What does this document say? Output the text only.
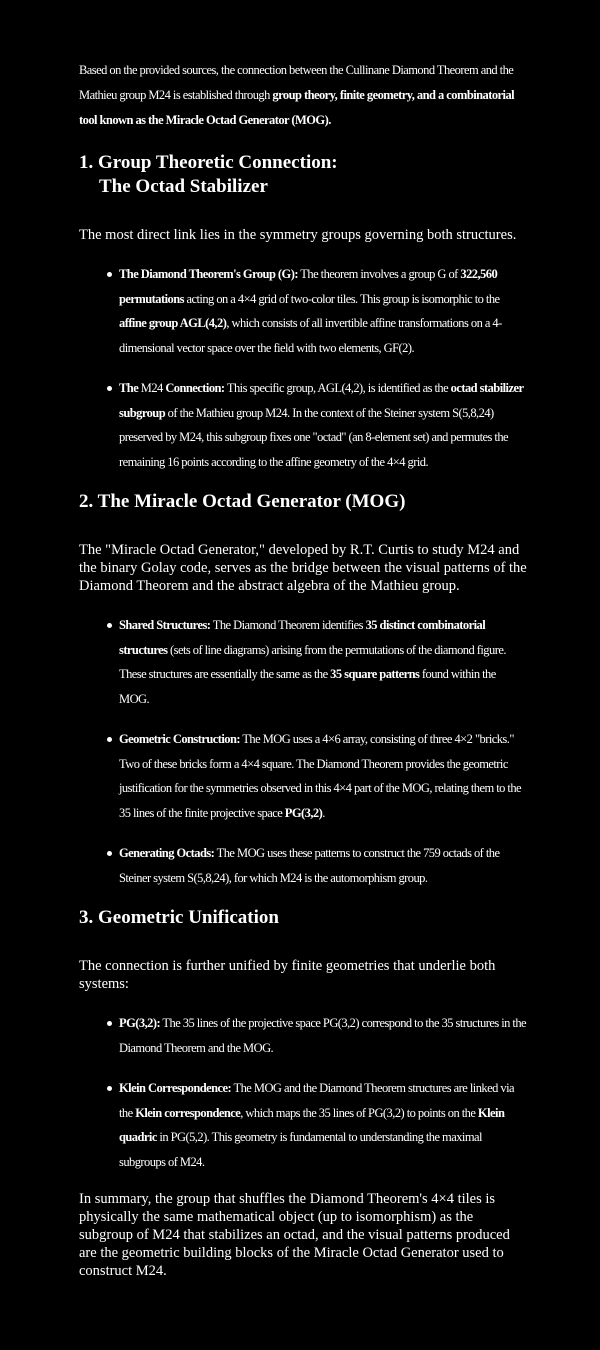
Based on the provided sources, the connection between the Cullinane Diamond Theorem and the Mathieu group M24 is established through group theory, finite geometry, and a combinatorial tool known as the Miracle Octad Generator (MOG).

1. Group Theoretic Connection:
The Octad Stabilizer

The most direct link lies in the symmetry groups governing both structures.

The Diamond Theorem's Group (G): The theorem involves a group G of 322,560 permutations acting on a 4×4 grid of two-color tiles. This group is isomorphic to the affine group AGL(4,2), which consists of all invertible affine transformations on a 4-dimensional vector space over the field with two elements, GF(2).
The M24 Connection: This specific group, AGL(4,2), is identified as the octad stabilizer subgroup of the Mathieu group M24. In the context of the Steiner system S(5,8,24) preserved by M24, this subgroup fixes one "octad" (an 8-element set) and permutes the remaining 16 points according to the affine geometry of the 4×4 grid.
2. The Miracle Octad Generator (MOG)

The "Miracle Octad Generator," developed by R.T. Curtis to study M24 and the binary Golay code, serves as the bridge between the visual patterns of the Diamond Theorem and the abstract algebra of the Mathieu group.

Shared Structures: The Diamond Theorem identifies 35 distinct combinatorial structures (sets of line diagrams) arising from the permutations of the diamond figure. These structures are essentially the same as the 35 square patterns found within the MOG.
Geometric Construction: The MOG uses a 4×6 array, consisting of three 4×2 "bricks." Two of these bricks form a 4×4 square. The Diamond Theorem provides the geometric justification for the symmetries observed in this 4×4 part of the MOG, relating them to the 35 lines of the finite projective space PG(3,2).
Generating Octads: The MOG uses these patterns to construct the 759 octads of the Steiner system S(5,8,24), for which M24 is the automorphism group.
3. Geometric Unification

The connection is further unified by finite geometries that underlie both systems:

PG(3,2): The 35 lines of the projective space PG(3,2) correspond to the 35 structures in the Diamond Theorem and the MOG.
Klein Correspondence: The MOG and the Diamond Theorem structures are linked via the Klein correspondence, which maps the 35 lines of PG(3,2) to points on the Klein quadric in PG(5,2). This geometry is fundamental to understanding the maximal subgroups of M24.

In summary, the group that shuffles the Diamond Theorem's 4×4 tiles is physically the same mathematical object (up to isomorphism) as the subgroup of M24 that stabilizes an octad, and the visual patterns produced are the geometric building blocks of the Miracle Octad Generator used to construct M24.
